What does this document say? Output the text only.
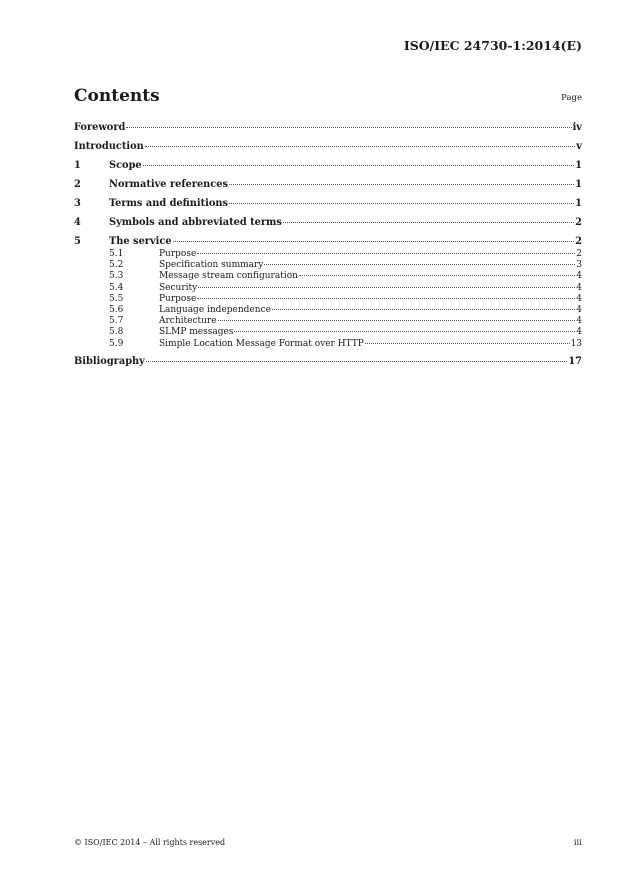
ISO/IEC 24730-1:2014(E)
Contents	Page
Foreword	iv
Introduction	v
1	Scope	1
2	Normative references	1
3	Terms and definitions	1
4	Symbols and abbreviated terms	2
5	The service	2
5.1	Purpose	2
5.2	Specification summary	3
5.3	Message stream configuration	4
5.4	Security	4
5.5	Purpose	4
5.6	Language independence	4
5.7	Architecture	4
5.8	SLMP messages	4
5.9	Simple Location Message Format over HTTP	13
Bibliography	17
© ISO/IEC 2014 – All rights reserved	iii
